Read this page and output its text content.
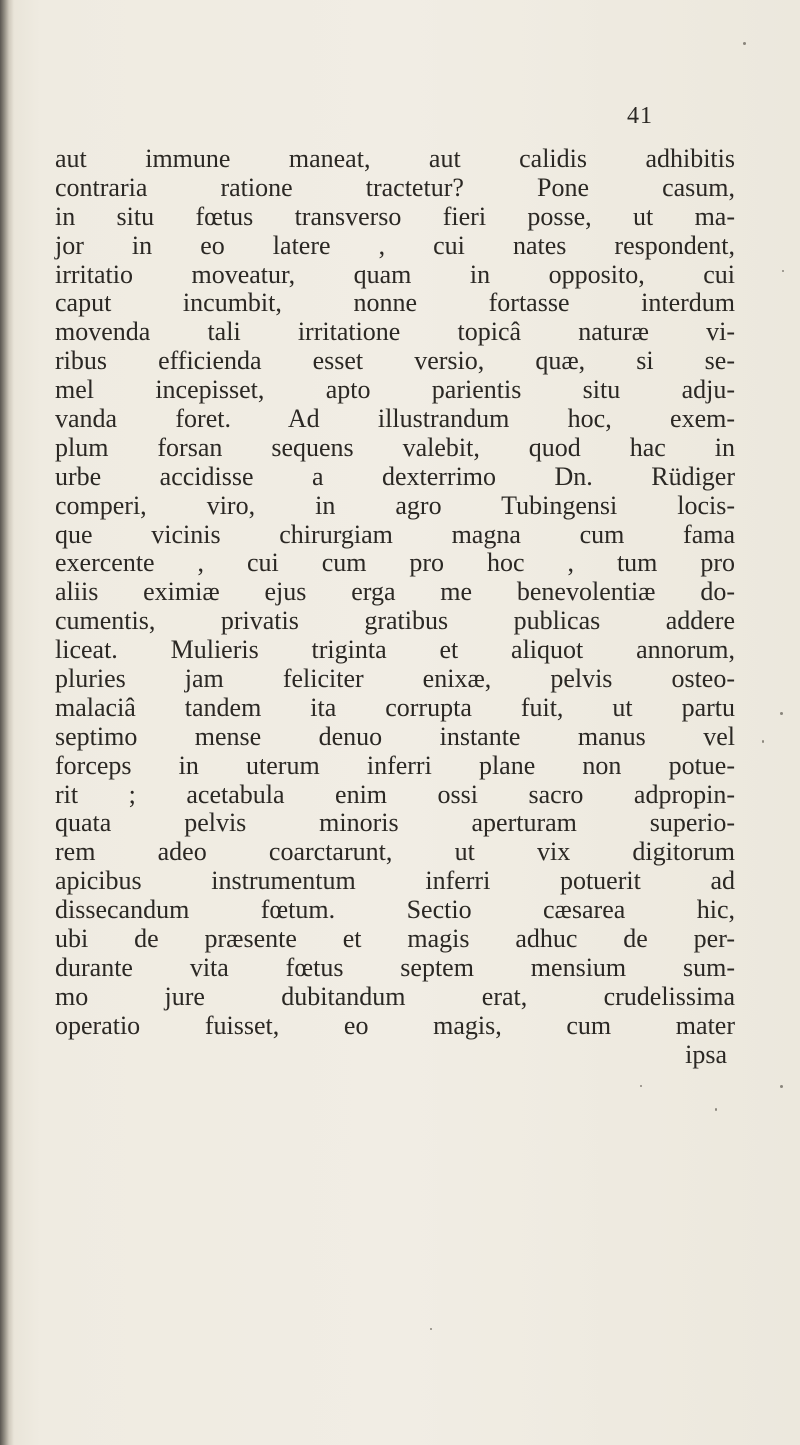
41
aut immune maneat, aut calidis adhibitis
contraria ratione tractetur? Pone casum,
in situ fœtus transverso fieri posse, ut ma-
jor in eo latere , cui nates respondent,
irritatio moveatur, quam in opposito, cui
caput incumbit, nonne fortasse interdum
movenda tali irritatione topicâ naturæ vi-
ribus efficienda esset versio, quæ, si se-
mel incepisset, apto parientis situ adju-
vanda foret. Ad illustrandum hoc, exem-
plum forsan sequens valebit, quod hac in
urbe accidisse a dexterrimo Dn. Rüdiger
comperi, viro, in agro Tubingensi locis-
que vicinis chirurgiam magna cum fama
exercente , cui cum pro hoc , tum pro
aliis eximiæ ejus erga me benevolentiæ do-
cumentis, privatis gratibus publicas addere
liceat. Mulieris triginta et aliquot annorum,
pluries jam feliciter enixæ, pelvis osteo-
malaciâ tandem ita corrupta fuit, ut partu
septimo mense denuo instante manus vel
forceps in uterum inferri plane non potue-
rit ; acetabula enim ossi sacro adpropin-
quata pelvis minoris aperturam superio-
rem adeo coarctarunt, ut vix digitorum
apicibus instrumentum inferri potuerit ad
dissecandum fœtum. Sectio cæsarea hic,
ubi de præsente et magis adhuc de per-
durante vita fœtus septem mensium sum-
mo jure dubitandum erat, crudelissima
operatio fuisset, eo magis, cum mater
ipsa
